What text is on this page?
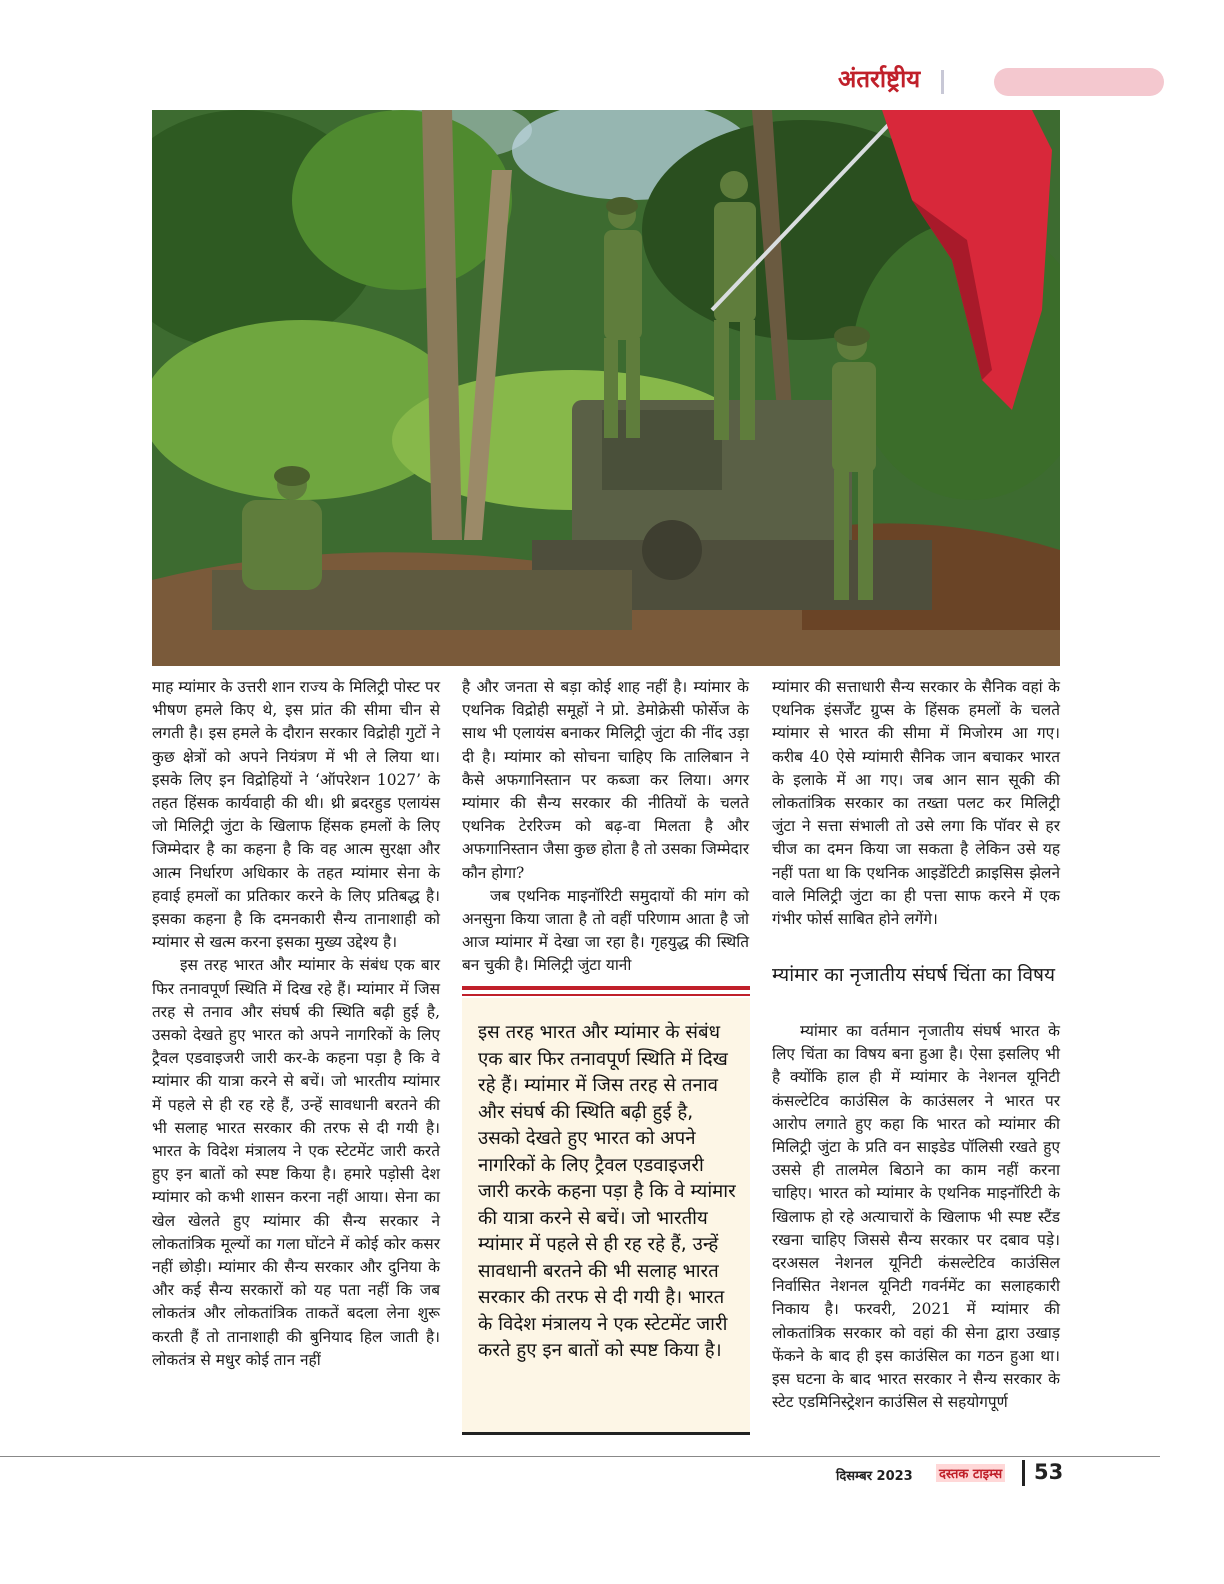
अंतर्राष्ट्रीय

माह म्यांमार के उत्तरी शान राज्य के मिलिट्री पोस्ट पर भीषण हमले किए थे, इस प्रांत की सीमा चीन से लगती है। इस हमले के दौरान सरकार विद्रोही गुटों ने कुछ क्षेत्रों को अपने नियंत्रण में भी ले लिया था। इसके लिए इन विद्रोहियों ने ‘ऑपरेशन 1027’ के तहत हिंसक कार्यवाही की थी। थ्री ब्रदरहुड एलायंस जो मिलिट्री जुंटा के खिलाफ हिंसक हमलों के लिए जिम्मेदार है का कहना है कि वह आत्म सुरक्षा और आत्म निर्धारण अधिकार के तहत म्यांमार सेना के हवाई हमलों का प्रतिकार करने के लिए प्रतिबद्ध है। इसका कहना है कि दमनकारी सैन्य तानाशाही को म्यांमार से खत्म करना इसका मुख्य उद्देश्य है।

इस तरह भारत और म्यांमार के संबंध एक बार फिर तनावपूर्ण स्थिति में दिख रहे हैं। म्यांमार में जिस तरह से तनाव और संघर्ष की स्थिति बढ़ी हुई है, उसको देखते हुए भारत को अपने नागरिकों के लिए ट्रैवल एडवाइजरी जारी कर-के कहना पड़ा है कि वे म्यांमार की यात्रा करने से बचें। जो भारतीय म्यांमार में पहले से ही रह रहे हैं, उन्हें सावधानी बरतने की भी सलाह भारत सरकार की तरफ से दी गयी है। भारत के विदेश मंत्रालय ने एक स्टेटमेंट जारी करते हुए इन बातों को स्पष्ट किया है। हमारे पड़ोसी देश म्यांमार को कभी शासन करना नहीं आया। सेना का खेल खेलते हुए म्यांमार की सैन्य सरकार ने लोकतांत्रिक मूल्यों का गला घोंटने में कोई कोर कसर नहीं छोड़ी। म्यांमार की सैन्य सरकार और दुनिया के और कई सैन्य सरकारों को यह पता नहीं कि जब लोकतंत्र और लोकतांत्रिक ताकतें बदला लेना शुरू करती हैं तो तानाशाही की बुनियाद हिल जाती है। लोकतंत्र से मधुर कोई तान नहीं

है और जनता से बड़ा कोई शाह नहीं है। म्यांमार के एथनिक विद्रोही समूहों ने प्रो. डेमोक्रेसी फोर्सेज के साथ भी एलायंस बनाकर मिलिट्री जुंटा की नींद उड़ा दी है। म्यांमार को सोचना चाहिए कि तालिबान ने कैसे अफगानिस्तान पर कब्जा कर लिया। अगर म्यांमार की सैन्य सरकार की नीतियों के चलते एथनिक टेररिज्म को बढ़-वा मिलता है और अफगानिस्तान जैसा कुछ होता है तो उसका जिम्मेदार कौन होगा?

जब एथनिक माइनॉरिटी समुदायों की मांग को अनसुना किया जाता है तो वहीं परिणाम आता है जो आज म्यांमार में देखा जा रहा है। गृहयुद्ध की स्थिति बन चुकी है। मिलिट्री जुंटा यानी

इस तरह भारत और म्यांमार के संबंध एक बार फिर तनावपूर्ण स्थिति में दिख रहे हैं। म्यांमार में जिस तरह से तनाव और संघर्ष की स्थिति बढ़ी हुई है, उसको देखते हुए भारत को अपने नागरिकों के लिए ट्रैवल एडवाइजरी जारी करके कहना पड़ा है कि वे म्यांमार की यात्रा करने से बचें। जो भारतीय म्यांमार में पहले से ही रह रहे हैं, उन्हें सावधानी बरतने की भी सलाह भारत सरकार की तरफ से दी गयी है। भारत के विदेश मंत्रालय ने एक स्टेटमेंट जारी करते हुए इन बातों को स्पष्ट किया है।

म्यांमार की सत्ताधारी सैन्य सरकार के सैनिक वहां के एथनिक इंसर्जेंट ग्रुप्स के हिंसक हमलों के चलते म्यांमार से भारत की सीमा में मिजोरम आ गए। करीब 40 ऐसे म्यांमारी सैनिक जान बचाकर भारत के इलाके में आ गए। जब आन सान सूकी की लोकतांत्रिक सरकार का तख्ता पलट कर मिलिट्री जुंटा ने सत्ता संभाली तो उसे लगा कि पॉवर से हर चीज का दमन किया जा सकता है लेकिन उसे यह नहीं पता था कि एथनिक आइडेंटिटी क्राइसिस झेलने वाले मिलिट्री जुंटा का ही पत्ता साफ करने में एक गंभीर फोर्स साबित होने लगेंगे।

म्यांमार का नृजातीय संघर्ष चिंता का विषय

म्यांमार का वर्तमान नृजातीय संघर्ष भारत के लिए चिंता का विषय बना हुआ है। ऐसा इसलिए भी है क्योंकि हाल ही में म्यांमार के नेशनल यूनिटी कंसल्टेटिव काउंसिल के काउंसलर ने भारत पर आरोप लगाते हुए कहा कि भारत को म्यांमार की मिलिट्री जुंटा के प्रति वन साइडेड पॉलिसी रखते हुए उससे ही तालमेल बिठाने का काम नहीं करना चाहिए। भारत को म्यांमार के एथनिक माइनॉरिटी के खिलाफ हो रहे अत्याचारों के खिलाफ भी स्पष्ट स्टैंड रखना चाहिए जिससे सैन्य सरकार पर दबाव पड़े। दरअसल नेशनल यूनिटी कंसल्टेटिव काउंसिल निर्वासित नेशनल यूनिटी गवर्नमेंट का सलाहकारी निकाय है। फरवरी, 2021 में म्यांमार की लोकतांत्रिक सरकार को वहां की सेना द्वारा उखाड़ फेंकने के बाद ही इस काउंसिल का गठन हुआ था। इस घटना के बाद भारत सरकार ने सैन्य सरकार के स्टेट एडमिनिस्ट्रेशन काउंसिल से सहयोगपूर्ण

दिसम्बर 2023 दस्तक टाइम्स 53
